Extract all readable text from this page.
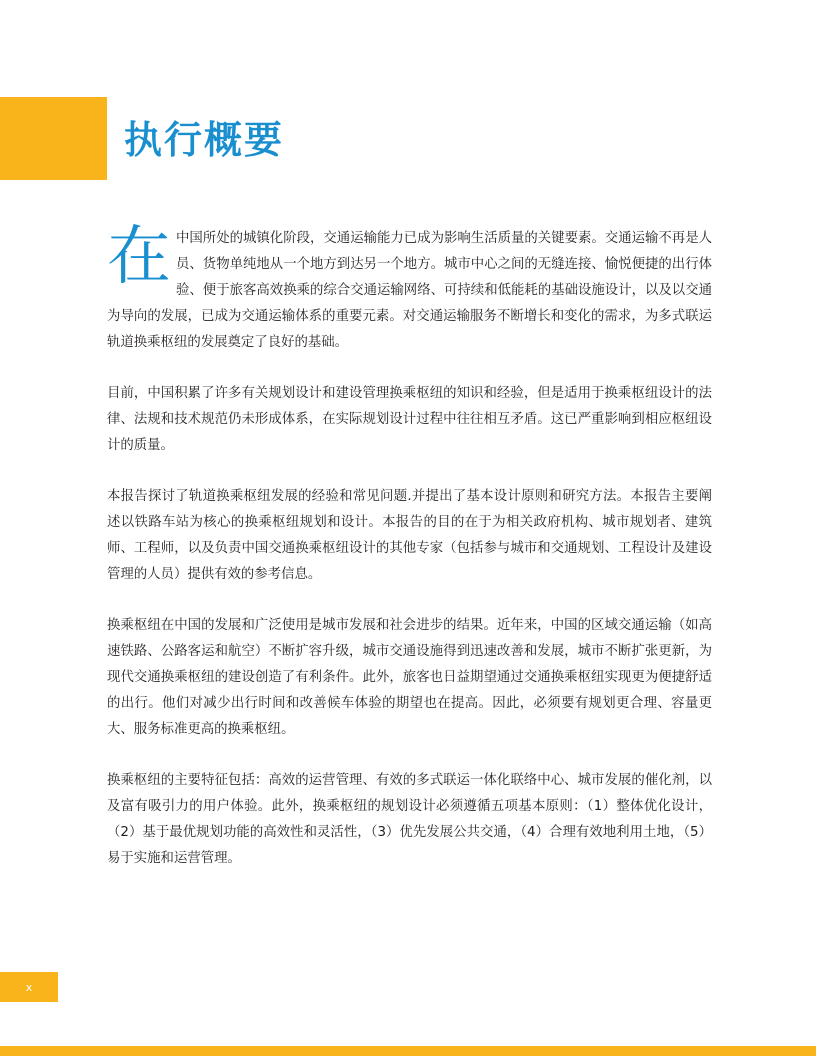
执行概要

在中国所处的城镇化阶段，交通运输能力已成为影响生活质量的关键要素。交通运输不再是人员、货物单纯地从一个地方到达另一个地方。城市中心之间的无缝连接、愉悦便捷的出行体验、便于旅客高效换乘的综合交通运输网络、可持续和低能耗的基础设施设计，以及以交通为导向的发展，已成为交通运输体系的重要元素。对交通运输服务不断增长和变化的需求，为多式联运轨道换乘枢纽的发展奠定了良好的基础。

目前，中国积累了许多有关规划设计和建设管理换乘枢纽的知识和经验，但是适用于换乘枢纽设计的法律、法规和技术规范仍未形成体系，在实际规划设计过程中往往相互矛盾。这已严重影响到相应枢纽设计的质量。

本报告探讨了轨道换乘枢纽发展的经验和常见问题.并提出了基本设计原则和研究方法。本报告主要阐述以铁路车站为核心的换乘枢纽规划和设计。本报告的目的在于为相关政府机构、城市规划者、建筑师、工程师，以及负责中国交通换乘枢纽设计的其他专家（包括参与城市和交通规划、工程设计及建设管理的人员）提供有效的参考信息。

换乘枢纽在中国的发展和广泛使用是城市发展和社会进步的结果。近年来，中国的区域交通运输（如高速铁路、公路客运和航空）不断扩容升级，城市交通设施得到迅速改善和发展，城市不断扩张更新，为现代交通换乘枢纽的建设创造了有利条件。此外，旅客也日益期望通过交通换乘枢纽实现更为便捷舒适的出行。他们对减少出行时间和改善候车体验的期望也在提高。因此，必须要有规划更合理、容量更大、服务标准更高的换乘枢纽。

换乘枢纽的主要特征包括：高效的运营管理、有效的多式联运一体化联络中心、城市发展的催化剂，以及富有吸引力的用户体验。此外，换乘枢纽的规划设计必须遵循五项基本原则：（1）整体优化设计，（2）基于最优规划功能的高效性和灵活性，（3）优先发展公共交通，（4）合理有效地利用土地，（5）易于实施和运营管理。

x
